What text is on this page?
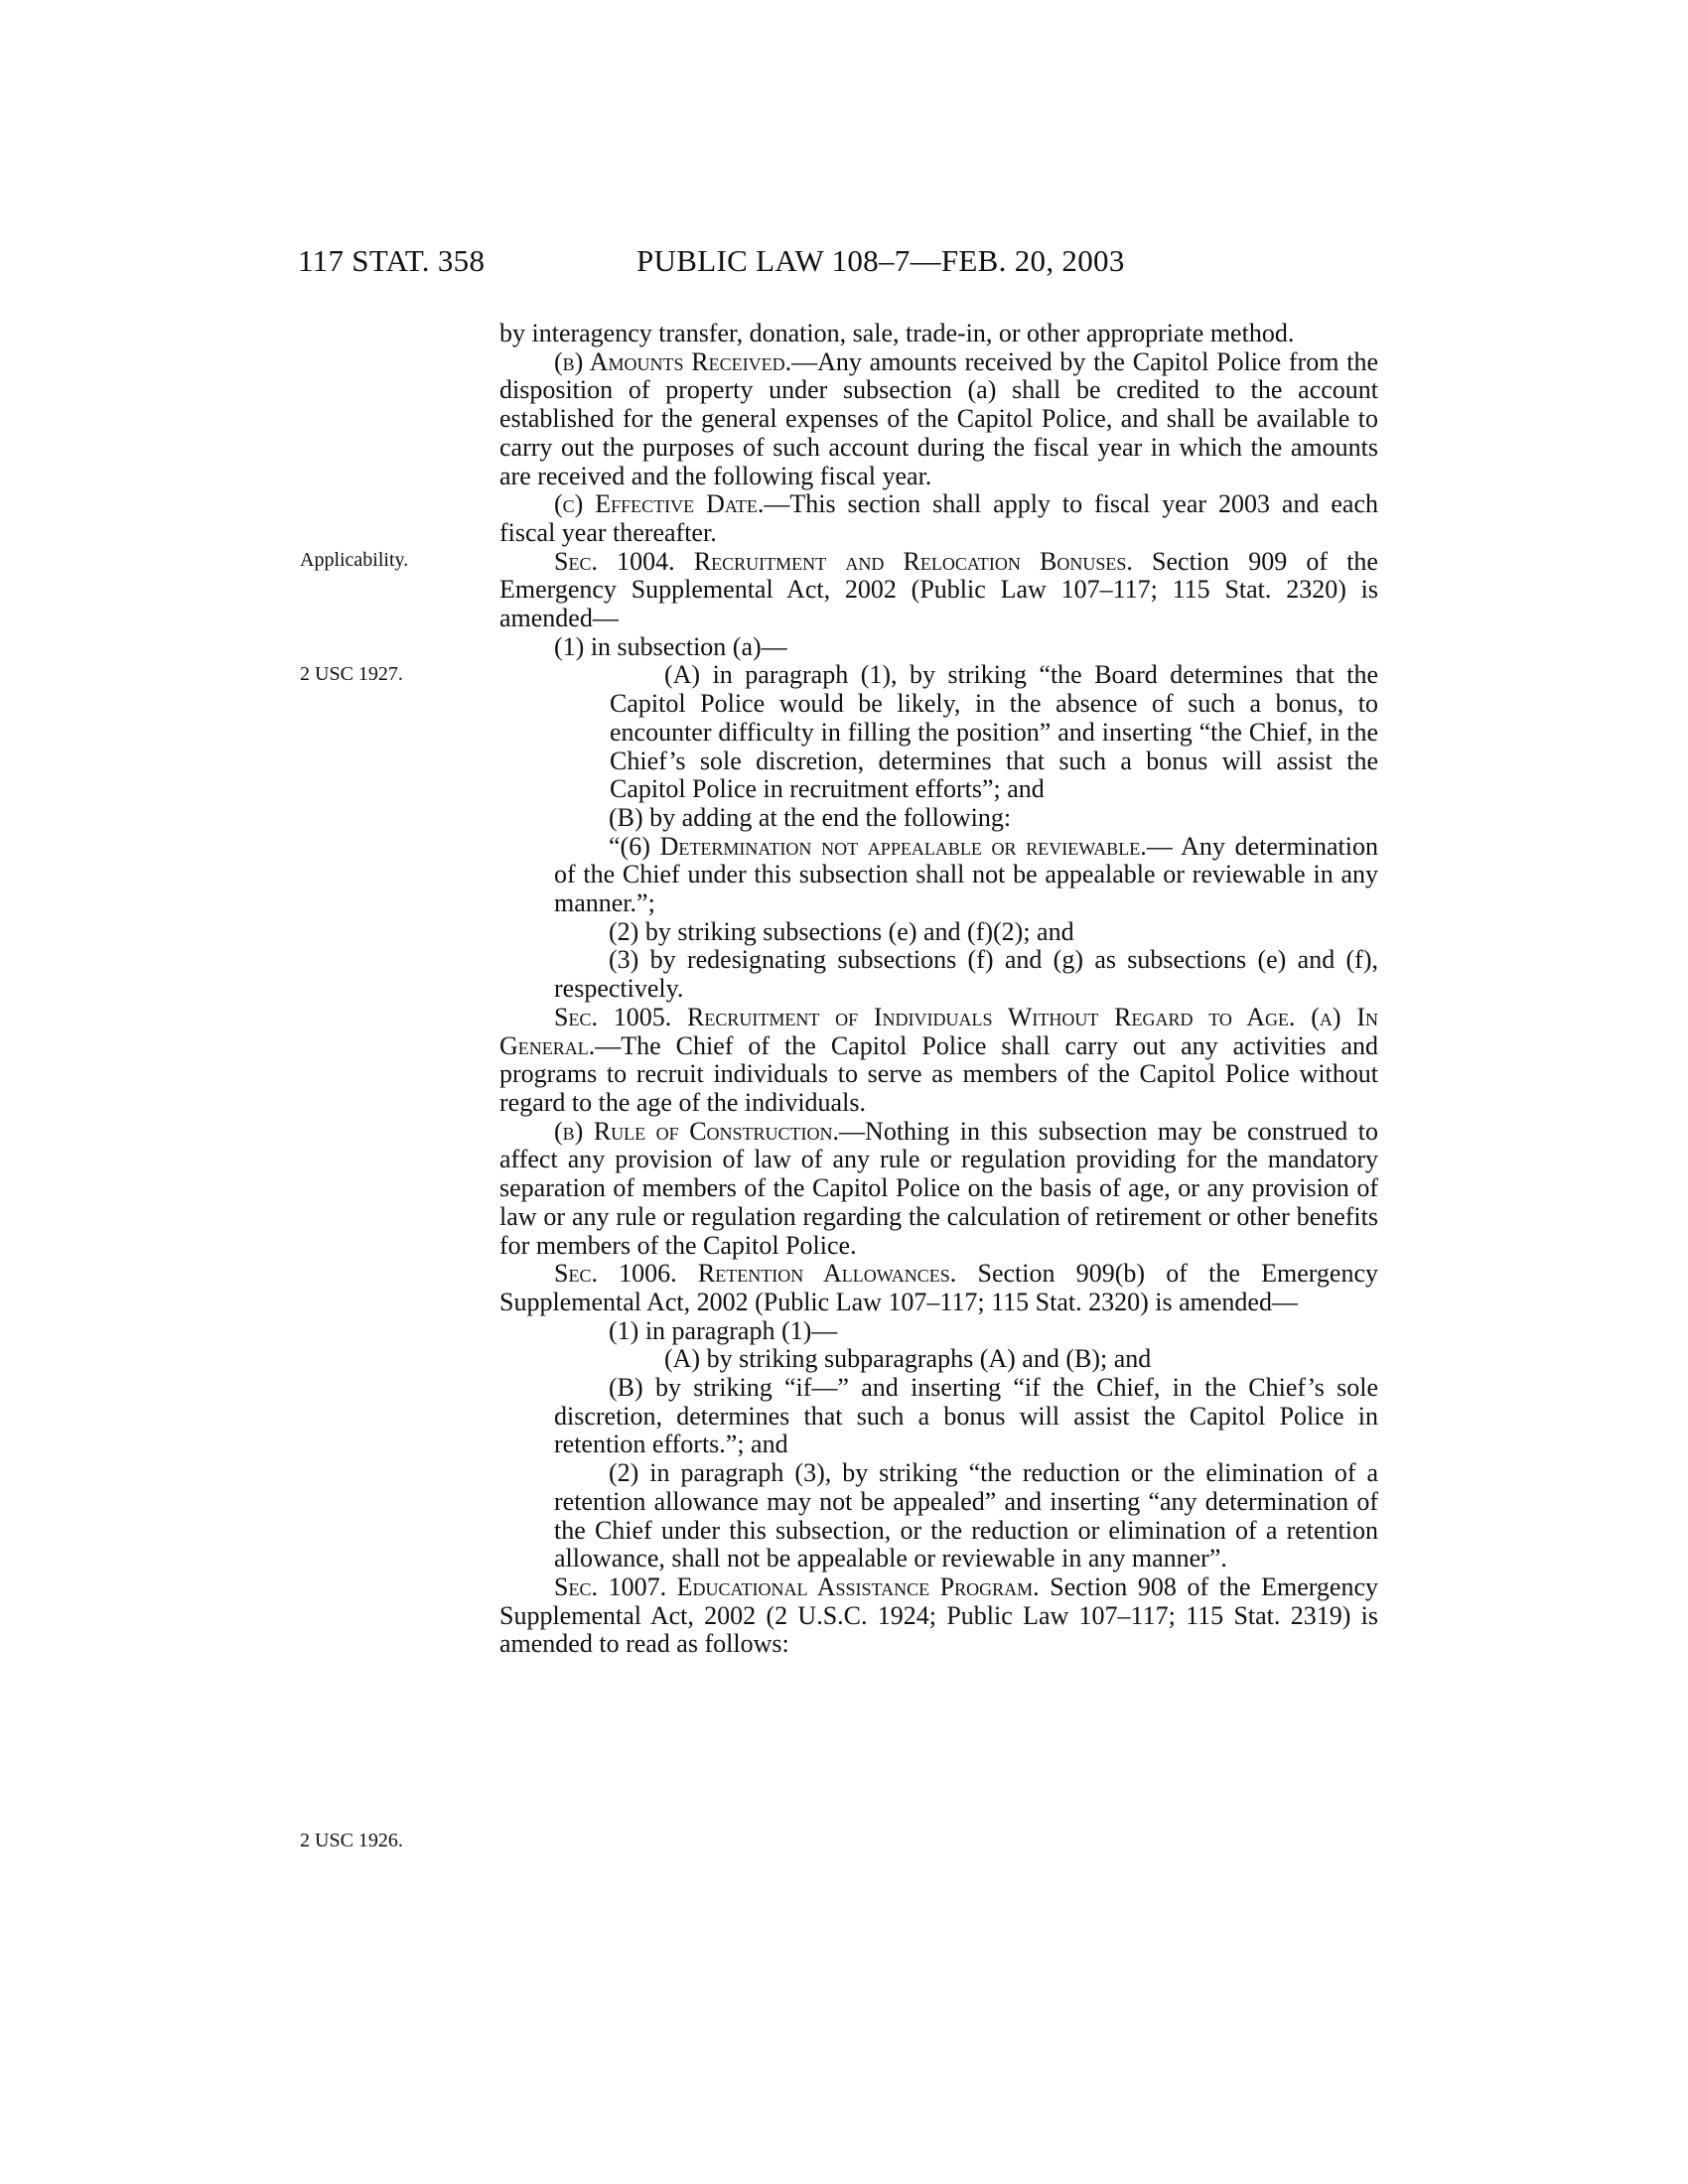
117 STAT. 358	PUBLIC LAW 108–7—FEB. 20, 2003
Applicability.
2 USC 1927.
2 USC 1926.

by interagency transfer, donation, sale, trade-in, or other appropriate method.

(b) Amounts Received.—Any amounts received by the Capitol Police from the disposition of property under subsection (a) shall be credited to the account established for the general expenses of the Capitol Police, and shall be available to carry out the purposes of such account during the fiscal year in which the amounts are received and the following fiscal year.

(c) Effective Date.—This section shall apply to fiscal year 2003 and each fiscal year thereafter.

Sec. 1004. Recruitment and Relocation Bonuses. Section 909 of the Emergency Supplemental Act, 2002 (Public Law 107–117; 115 Stat. 2320) is amended—

(1) in subsection (a)—

(A) in paragraph (1), by striking “the Board determines that the Capitol Police would be likely, in the absence of such a bonus, to encounter difficulty in filling the position” and inserting “the Chief, in the Chief’s sole discretion, determines that such a bonus will assist the Capitol Police in recruitment efforts”; and

(B) by adding at the end the following:

“(6) Determination not appealable or reviewable.— Any determination of the Chief under this subsection shall not be appealable or reviewable in any manner.”;

(2) by striking subsections (e) and (f)(2); and

(3) by redesignating subsections (f) and (g) as subsections (e) and (f), respectively.

Sec. 1005. Recruitment of Individuals Without Regard to Age. (a) In General.—The Chief of the Capitol Police shall carry out any activities and programs to recruit individuals to serve as members of the Capitol Police without regard to the age of the individuals.

(b) Rule of Construction.—Nothing in this subsection may be construed to affect any provision of law of any rule or regulation providing for the mandatory separation of members of the Capitol Police on the basis of age, or any provision of law or any rule or regulation regarding the calculation of retirement or other benefits for members of the Capitol Police.

Sec. 1006. Retention Allowances. Section 909(b) of the Emergency Supplemental Act, 2002 (Public Law 107–117; 115 Stat. 2320) is amended—

(1) in paragraph (1)—

(A) by striking subparagraphs (A) and (B); and

(B) by striking “if—” and inserting “if the Chief, in the Chief’s sole discretion, determines that such a bonus will assist the Capitol Police in retention efforts.”; and

(2) in paragraph (3), by striking “the reduction or the elimination of a retention allowance may not be appealed” and inserting “any determination of the Chief under this subsection, or the reduction or elimination of a retention allowance, shall not be appealable or reviewable in any manner”.

Sec. 1007. Educational Assistance Program. Section 908 of the Emergency Supplemental Act, 2002 (2 U.S.C. 1924; Public Law 107–117; 115 Stat. 2319) is amended to read as follows:
